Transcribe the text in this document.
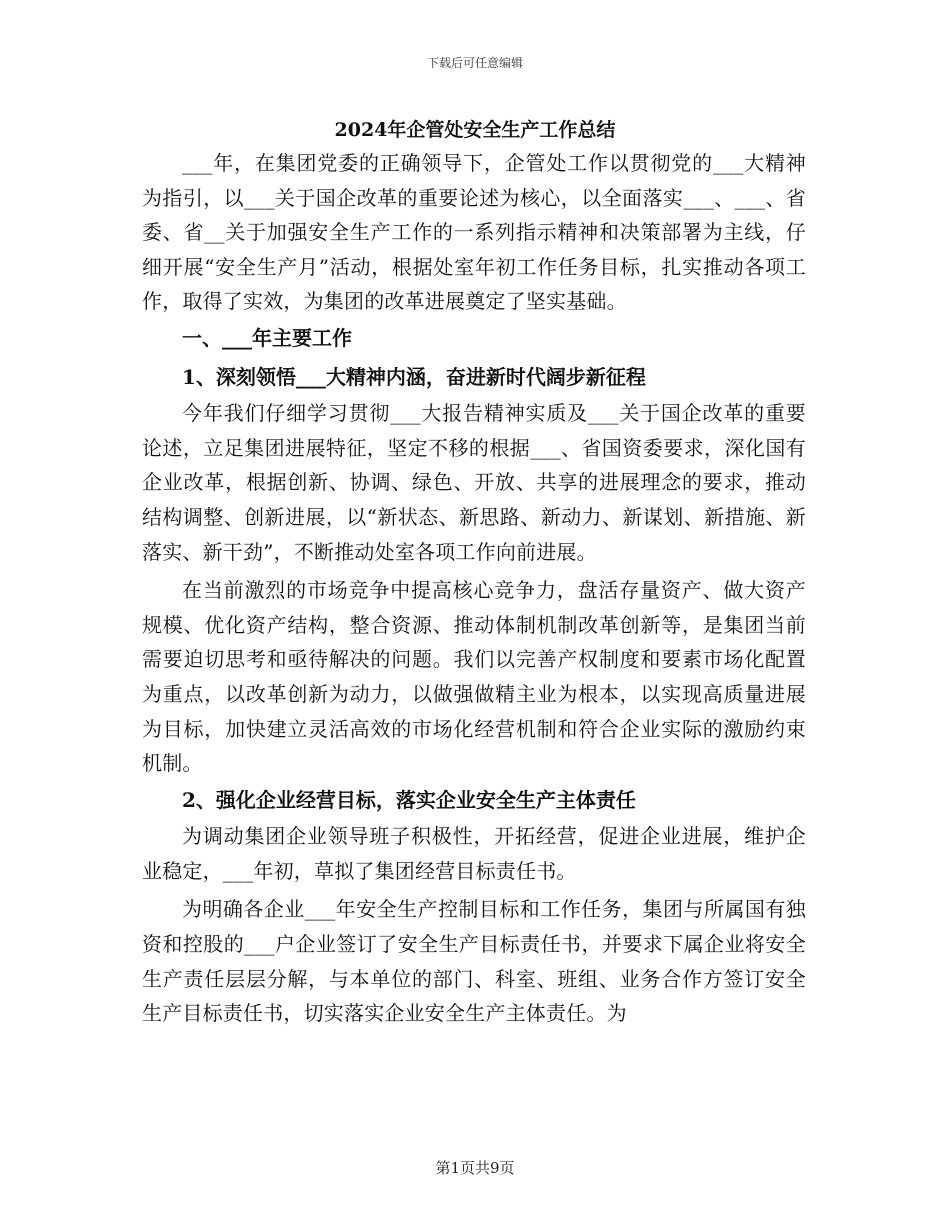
下载后可任意编辑
2024年企管处安全生产工作总结

___年，在集团党委的正确领导下，企管处工作以贯彻党的___大精神为指引，以___关于国企改革的重要论述为核心，以全面落实___、___、省委、省__关于加强安全生产工作的一系列指示精神和决策部署为主线，仔细开展“安全生产月”活动，根据处室年初工作任务目标，扎实推动各项工作，取得了实效，为集团的改革进展奠定了坚实基础。

一、___年主要工作

1、深刻领悟___大精神内涵，奋进新时代阔步新征程

今年我们仔细学习贯彻___大报告精神实质及___关于国企改革的重要论述，立足集团进展特征，坚定不移的根据___、省国资委要求，深化国有企业改革，根据创新、协调、绿色、开放、共享的进展理念的要求，推动结构调整、创新进展，以“新状态、新思路、新动力、新谋划、新措施、新落实、新干劲”，不断推动处室各项工作向前进展。

在当前激烈的市场竞争中提高核心竞争力，盘活存量资产、做大资产规模、优化资产结构，整合资源、推动体制机制改革创新等，是集团当前需要迫切思考和亟待解决的问题。我们以完善产权制度和要素市场化配置为重点，以改革创新为动力，以做强做精主业为根本，以实现高质量进展为目标，加快建立灵活高效的市场化经营机制和符合企业实际的激励约束机制。

2、强化企业经营目标，落实企业安全生产主体责任

为调动集团企业领导班子积极性，开拓经营，促进企业进展，维护企业稳定，___年初，草拟了集团经营目标责任书。

为明确各企业___年安全生产控制目标和工作任务，集团与所属国有独资和控股的___户企业签订了安全生产目标责任书，并要求下属企业将安全生产责任层层分解，与本单位的部门、科室、班组、业务合作方签订安全生产目标责任书，切实落实企业安全生产主体责任。为

第1页共9页
